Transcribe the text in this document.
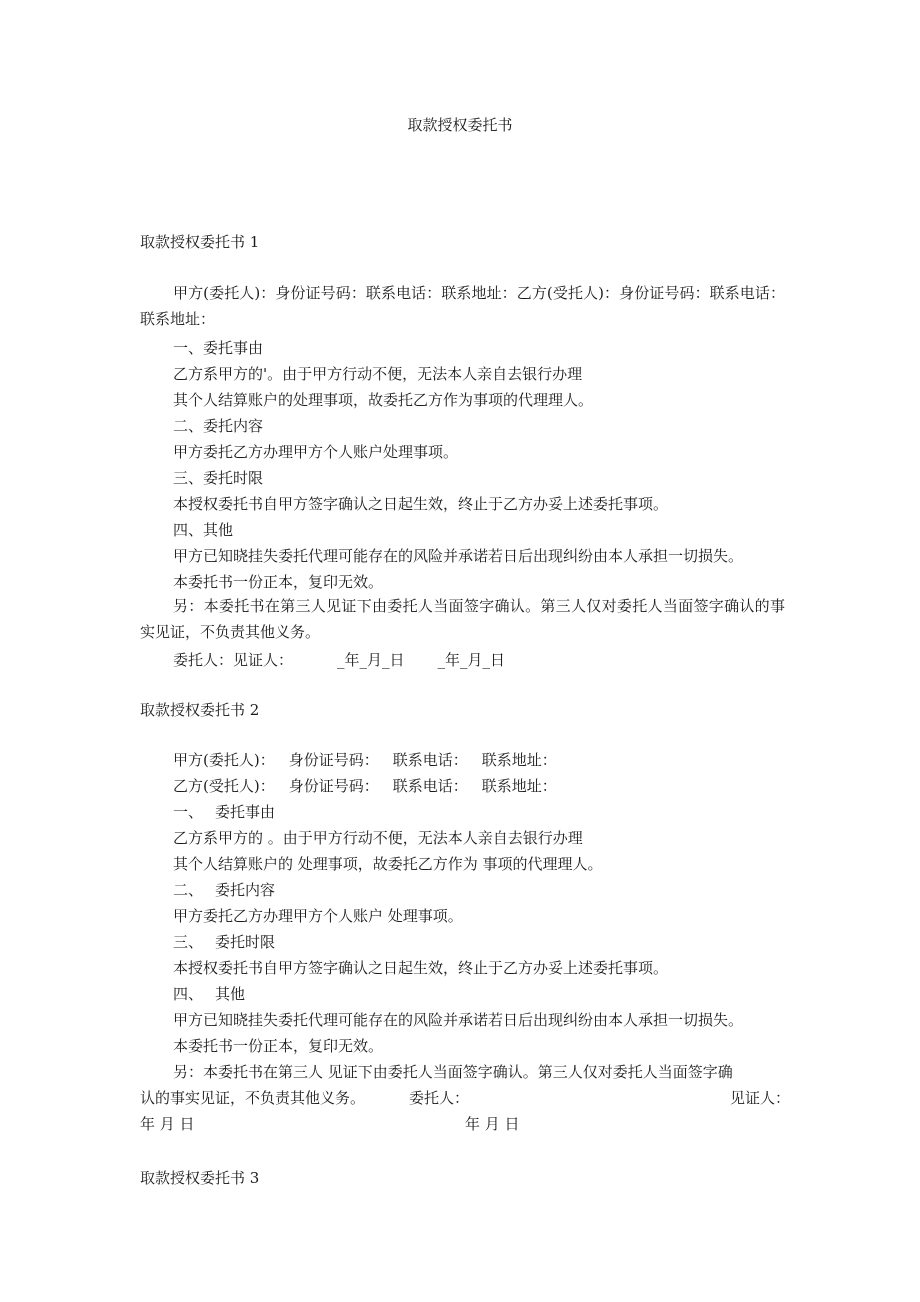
取款授权委托书
取款授权委托书 1
甲方(委托人)：身份证号码：联系电话：联系地址：乙方(受托人)：身份证号码：联系电话：联系地址：
一、委托事由
乙方系甲方的'。由于甲方行动不便，无法本人亲自去银行办理
其个人结算账户的处理事项，故委托乙方作为事项的代理理人。
二、委托内容
甲方委托乙方办理甲方个人账户处理事项。
三、委托时限
本授权委托书自甲方签字确认之日起生效，终止于乙方办妥上述委托事项。
四、其他
甲方已知晓挂失委托代理可能存在的风险并承诺若日后出现纠纷由本人承担一切损失。
本委托书一份正本，复印无效。
另：本委托书在第三人见证下由委托人当面签字确认。第三人仅对委托人当面签字确认的事实见证，不负责其他义务。
委托人：见证人：	_年_月_日 _年_月_日
取款授权委托书 2
甲方(委托人)： 身份证号码： 联系电话： 联系地址：
乙方(受托人)： 身份证号码： 联系电话： 联系地址：
一、 委托事由
乙方系甲方的 。由于甲方行动不便，无法本人亲自去银行办理
其个人结算账户的 处理事项，故委托乙方作为 事项的代理理人。
二、 委托内容
甲方委托乙方办理甲方个人账户 处理事项。
三、 委托时限
本授权委托书自甲方签字确认之日起生效，终止于乙方办妥上述委托事项。
四、 其他
甲方已知晓挂失委托代理可能存在的风险并承诺若日后出现纠纷由本人承担一切损失。
本委托书一份正本，复印无效。
另：本委托书在第三人 见证下由委托人当面签字确认。第三人仅对委托人当面签字确
认的事实见证，不负责其他义务。	委托人：	见证人：
年 月 日	年 月 日
取款授权委托书 3
